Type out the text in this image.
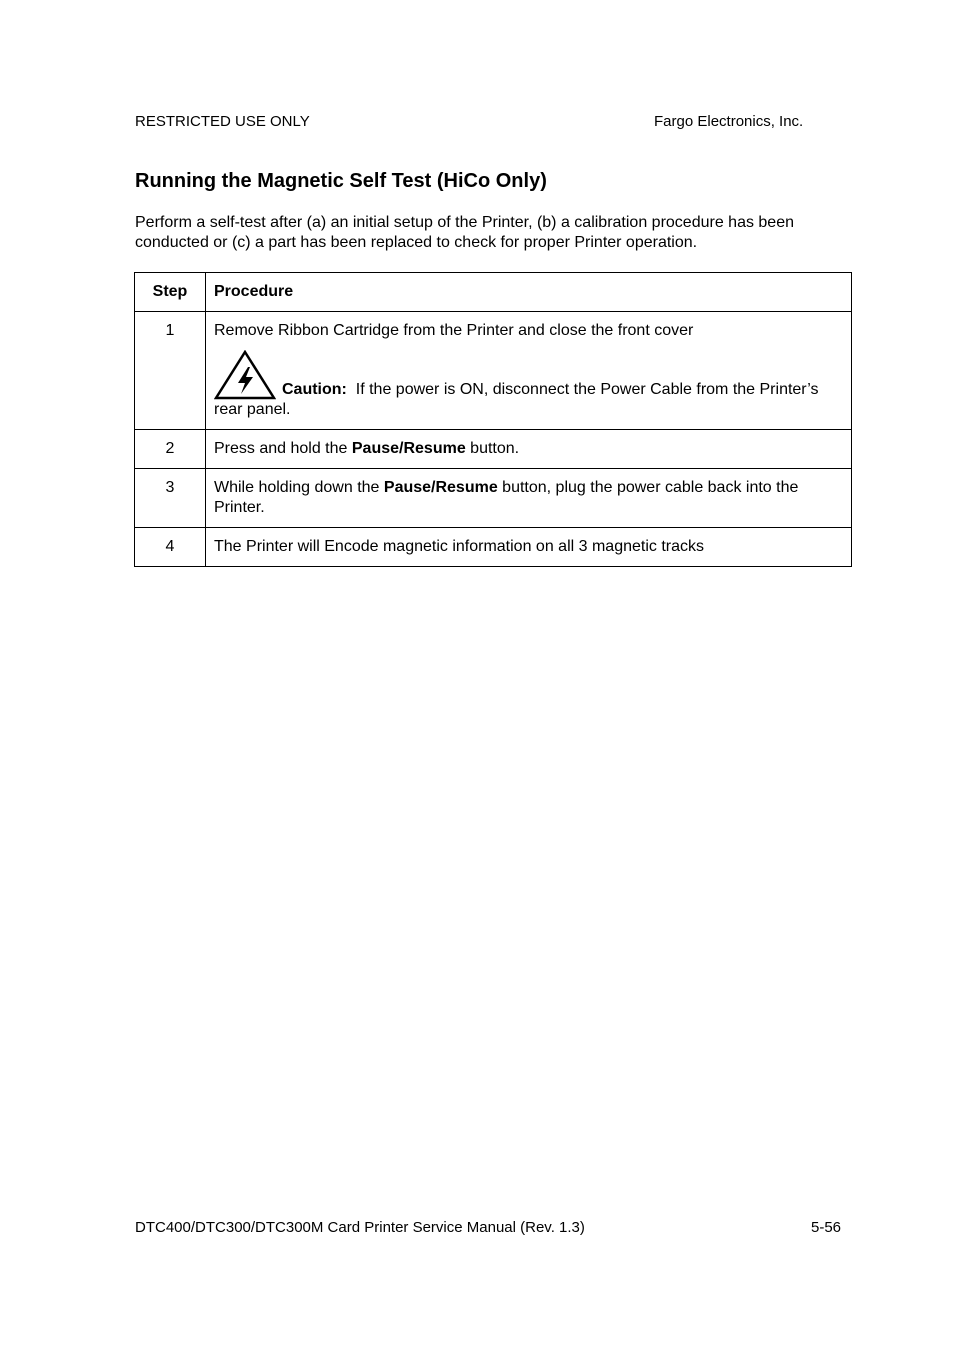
RESTRICTED USE ONLY	Fargo Electronics, Inc.
Running the Magnetic Self Test (HiCo Only)

Perform a self-test after (a) an initial setup of the Printer, (b) a calibration procedure has been conducted or (c) a part has been replaced to check for proper Printer operation.

Step	Procedure
1	Remove Ribbon Cartridge from the Printer and close the front cover
Caution: If the power is ON, disconnect the Power Cable from the Printer’s rear panel.

2	Press and hold the Pause/Resume button.
3	While holding down the Pause/Resume button, plug the power cable back into the Printer.
4	The Printer will Encode magnetic information on all 3 magnetic tracks
DTC400/DTC300/DTC300M Card Printer Service Manual (Rev. 1.3)	5-56
